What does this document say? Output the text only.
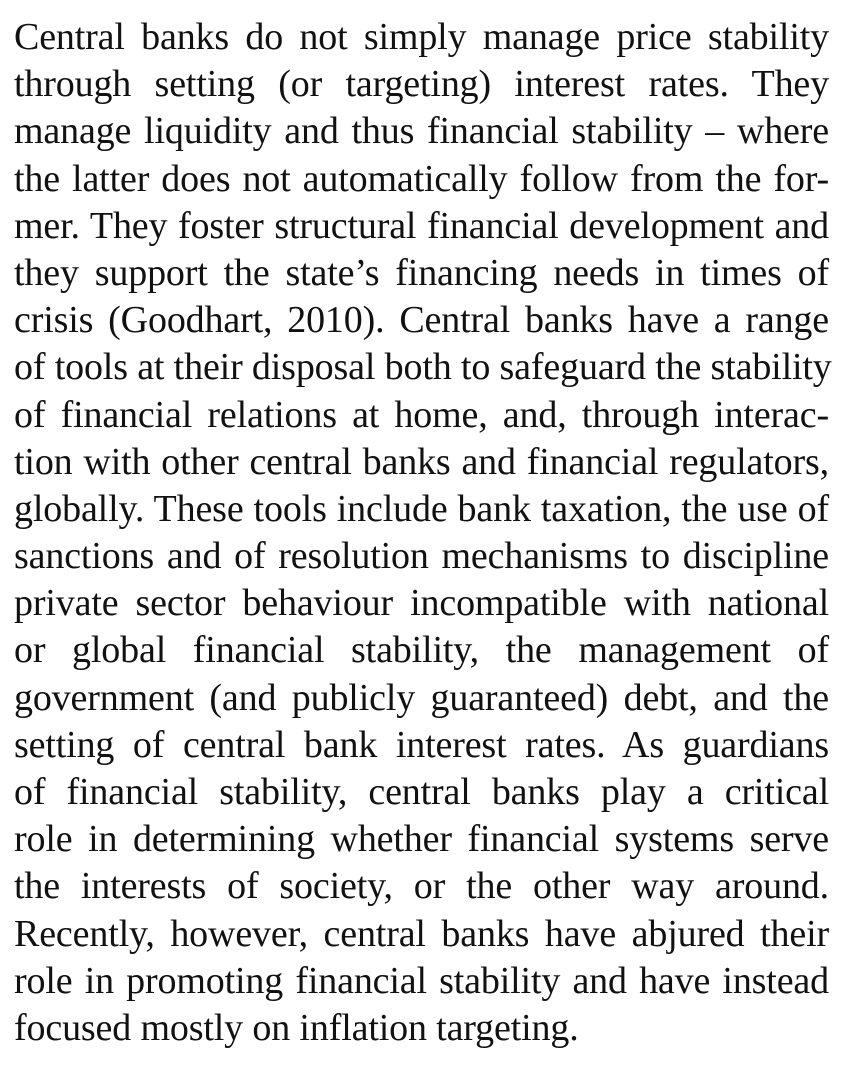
Central banks do not simply manage price stability
through setting (or targeting) interest rates. They
manage liquidity and thus financial stability – where
the latter does not automatically follow from the for-
mer. They foster structural financial development and
they support the state’s financing needs in times of
crisis (Goodhart, 2010). Central banks have a range
of tools at their disposal both to safeguard the stability
of financial relations at home, and, through interac-
tion with other central banks and financial regulators,
globally. These tools include bank taxation, the use of
sanctions and of resolution mechanisms to discipline
private sector behaviour incompatible with national
or global financial stability, the management of
government (and publicly guaranteed) debt, and the
setting of central bank interest rates. As guardians
of financial stability, central banks play a critical
role in determining whether financial systems serve
the interests of society, or the other way around.
Recently, however, central banks have abjured their
role in promoting financial stability and have instead
focused mostly on inflation targeting.
